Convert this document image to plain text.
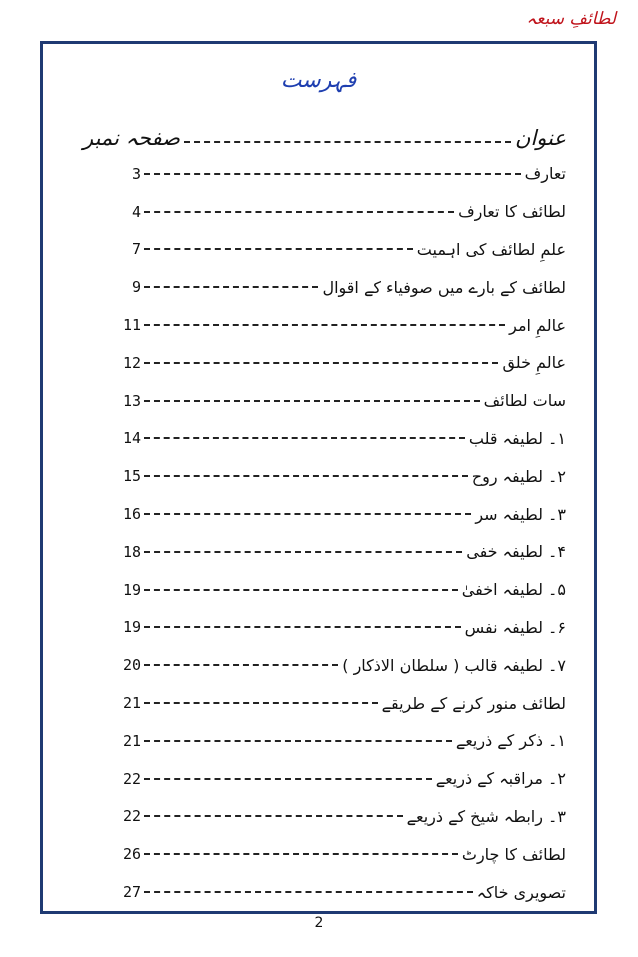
لطائفِ سبعہ
فہرست
عنوان
صفحہ نمبر
تعارف
3
لطائف کا تعارف
4
علمِ لطائف کی اہمیت
7
لطائف کے بارے میں صوفیاء کے اقوال
9
عالمِ امر
11
عالمِ خلق
12
سات لطائف
13
۱۔ لطیفہ قلب
14
۲۔ لطیفہ روح
15
۳۔ لطیفہ سر
16
۴۔ لطیفہ خفی
18
۵۔ لطیفہ اخفیٰ
19
۶۔ لطیفہ نفس
19
۷۔ لطیفہ قالب ( سلطان الاذکار )
20
لطائف منور کرنے کے طریقے
21
۱۔ ذکر کے ذریعے
21
۲۔ مراقبہ کے ذریعے
22
۳۔ رابطہ شیخ کے ذریعے
22
لطائف کا چارٹ
26
تصویری خاکہ
27
2
